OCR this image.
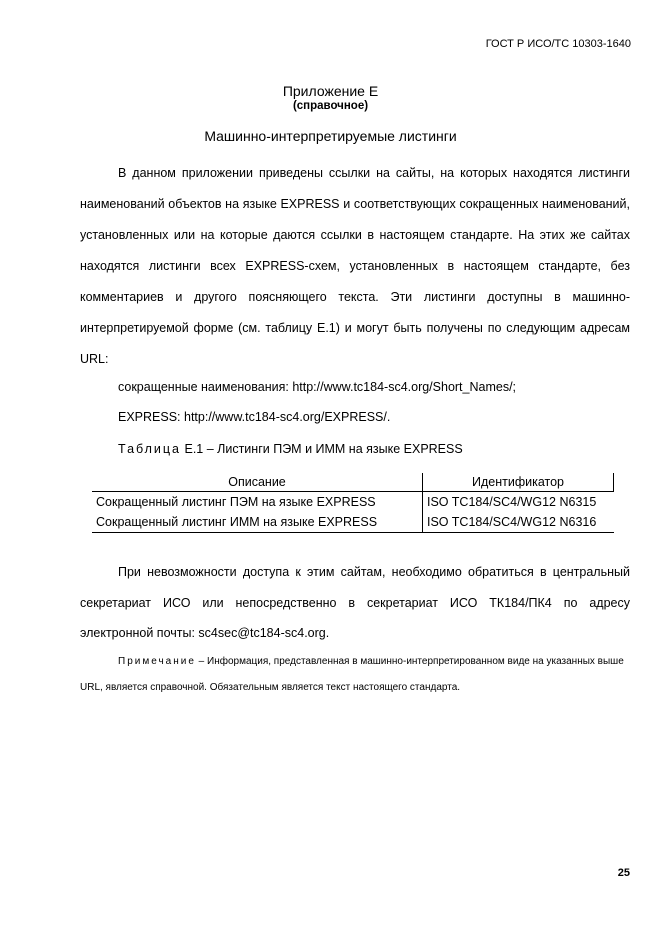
ГОСТ Р ИСО/ТС 10303-1640
Приложение E
(справочное)
Машинно-интерпретируемые листинги

В данном приложении приведены ссылки на сайты, на которых находятся листинги наименований объектов на языке EXPRESS и соответствующих сокращенных наименований, установленных или на которые даются ссылки в настоящем стандарте. На этих же сайтах находятся листинги всех EXPRESS-схем, установленных в настоящем стандарте, без комментариев и другого поясняющего текста. Эти листинги доступны в машинно-интерпретируемой форме (см. таблицу E.1) и могут быть получены по следующим адресам URL:

сокращенные наименования: http://www.tc184-sc4.org/Short_Names/;
EXPRESS: http://www.tc184-sc4.org/EXPRESS/.
Таблица E.1 – Листинги ПЭМ и ИММ на языке EXPRESS
Описание	Идентификатор
Сокращенный листинг ПЭМ на языке EXPRESS	ISO TC184/SC4/WG12 N6315
Сокращенный листинг ИММ на языке EXPRESS	ISO TC184/SC4/WG12 N6316

При невозможности доступа к этим сайтам, необходимо обратиться в центральный секретариат ИСО или непосредственно в секретариат ИСО ТК184/ПК4 по адресу электронной почты: sc4sec@tc184-sc4.org.

Примечание – Информация, представленная в машинно-интерпретированном виде на указанных выше URL, является справочной. Обязательным является текст настоящего стандарта.

25
